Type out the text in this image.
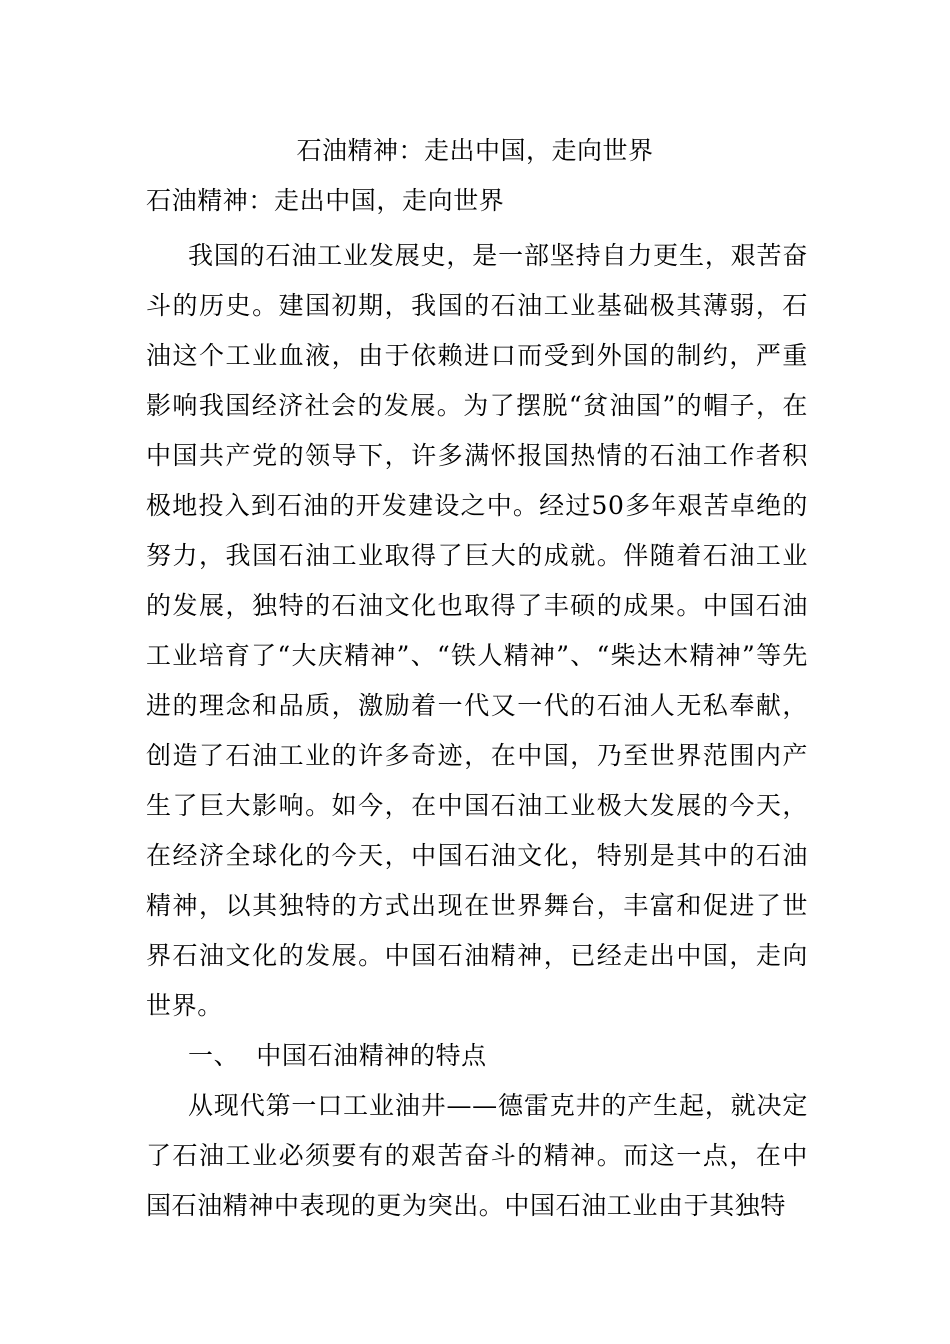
石油精神：走出中国，走向世界

石油精神：走出中国，走向世界

我国的石油工业发展史，是一部坚持自力更生，艰苦奋斗的历史。建国初期，我国的石油工业基础极其薄弱，石油这个工业血液，由于依赖进口而受到外国的制约，严重影响我国经济社会的发展。为了摆脱“贫油国”的帽子，在中国共产党的领导下，许多满怀报国热情的石油工作者积极地投入到石油的开发建设之中。经过50多年艰苦卓绝的努力，我国石油工业取得了巨大的成就。伴随着石油工业的发展，独特的石油文化也取得了丰硕的成果。中国石油工业培育了“大庆精神”、“铁人精神”、“柴达木精神”等先进的理念和品质，激励着一代又一代的石油人无私奉献，创造了石油工业的许多奇迹，在中国，乃至世界范围内产生了巨大影响。如今，在中国石油工业极大发展的今天，在经济全球化的今天，中国石油文化，特别是其中的石油精神，以其独特的方式出现在世界舞台，丰富和促进了世界石油文化的发展。中国石油精神，已经走出中国，走向世界。

一、  中国石油精神的特点

从现代第一口工业油井——德雷克井的产生起，就决定了石油工业必须要有的艰苦奋斗的精神。而这一点，在中国石油精神中表现的更为突出。中国石油工业由于其独特
